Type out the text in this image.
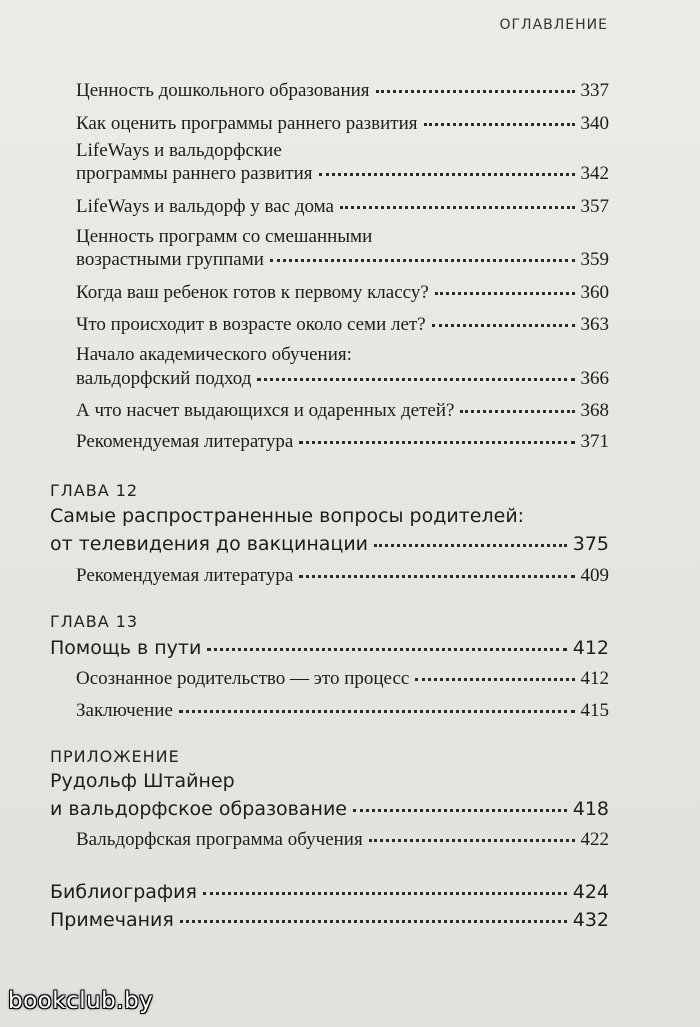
ОГЛАВЛЕНИЕ
Ценность дошкольного образования	337
Как оценить программы раннего развития	340
LifeWays и вальдорфские
программы раннего развития	342
LifeWays и вальдорф у вас дома	357
Ценность программ со смешанными
возрастными группами	359
Когда ваш ребенок готов к первому классу?	360
Что происходит в возрасте около семи лет?	363
Начало академического обучения:
вальдорфский подход	366
А что насчет выдающихся и одаренных детей?	368
Рекомендуемая литература	371
ГЛАВА 12
Самые распространенные вопросы родителей:
от телевидения до вакцинации	375
Рекомендуемая литература	409
ГЛАВА 13
Помощь в пути	412
Осознанное родительство — это процесс	412
Заключение	415
ПРИЛОЖЕНИЕ
Рудольф Штайнер
и вальдорфское образование	418
Вальдорфская программа обучения	422
Библиография	424
Примечания	432
bookclub.by
